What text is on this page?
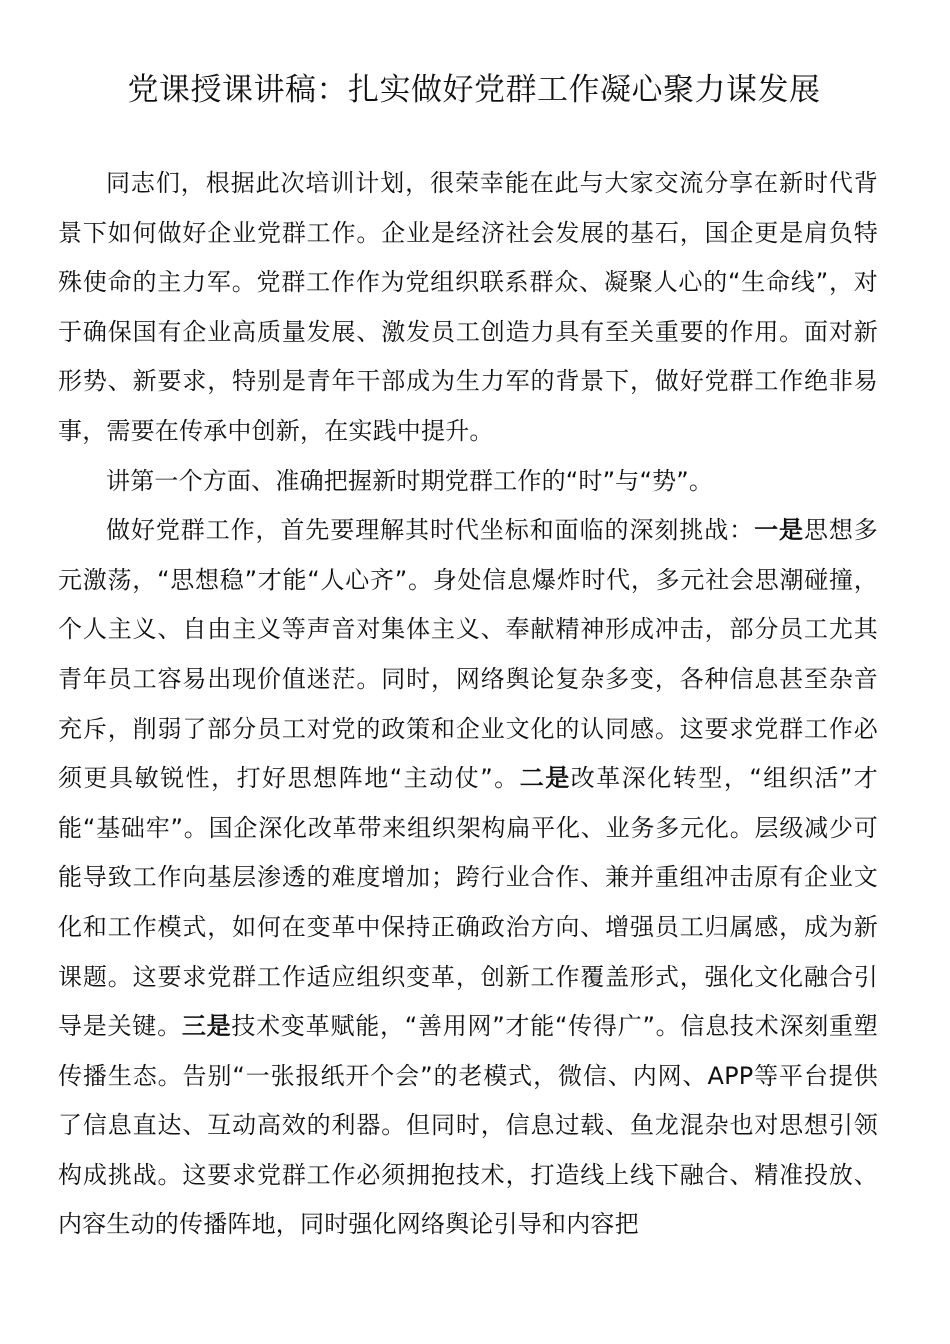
党课授课讲稿：扎实做好党群工作凝心聚力谋发展

同志们，根据此次培训计划，很荣幸能在此与大家交流分享在新时代背景下如何做好企业党群工作。企业是经济社会发展的基石，国企更是肩负特殊使命的主力军。党群工作作为党组织联系群众、凝聚人心的“生命线”，对于确保国有企业高质量发展、激发员工创造力具有至关重要的作用。面对新形势、新要求，特别是青年干部成为生力军的背景下，做好党群工作绝非易事，需要在传承中创新，在实践中提升。

讲第一个方面、准确把握新时期党群工作的“时”与“势”。

做好党群工作，首先要理解其时代坐标和面临的深刻挑战：一是思想多元激荡，“思想稳”才能“人心齐”。身处信息爆炸时代，多元社会思潮碰撞，个人主义、自由主义等声音对集体主义、奉献精神形成冲击，部分员工尤其青年员工容易出现价值迷茫。同时，网络舆论复杂多变，各种信息甚至杂音充斥，削弱了部分员工对党的政策和企业文化的认同感。这要求党群工作必须更具敏锐性，打好思想阵地“主动仗”。二是改革深化转型，“组织活”才能“基础牢”。国企深化改革带来组织架构扁平化、业务多元化。层级减少可能导致工作向基层渗透的难度增加；跨行业合作、兼并重组冲击原有企业文化和工作模式，如何在变革中保持正确政治方向、增强员工归属感，成为新课题。这要求党群工作适应组织变革，创新工作覆盖形式，强化文化融合引导是关键。三是技术变革赋能，“善用网”才能“传得广”。信息技术深刻重塑传播生态。告别“一张报纸开个会”的老模式，微信、内网、APP等平台提供了信息直达、互动高效的利器。但同时，信息过载、鱼龙混杂也对思想引领构成挑战。这要求党群工作必须拥抱技术，打造线上线下融合、精准投放、内容生动的传播阵地，同时强化网络舆论引导和内容把
